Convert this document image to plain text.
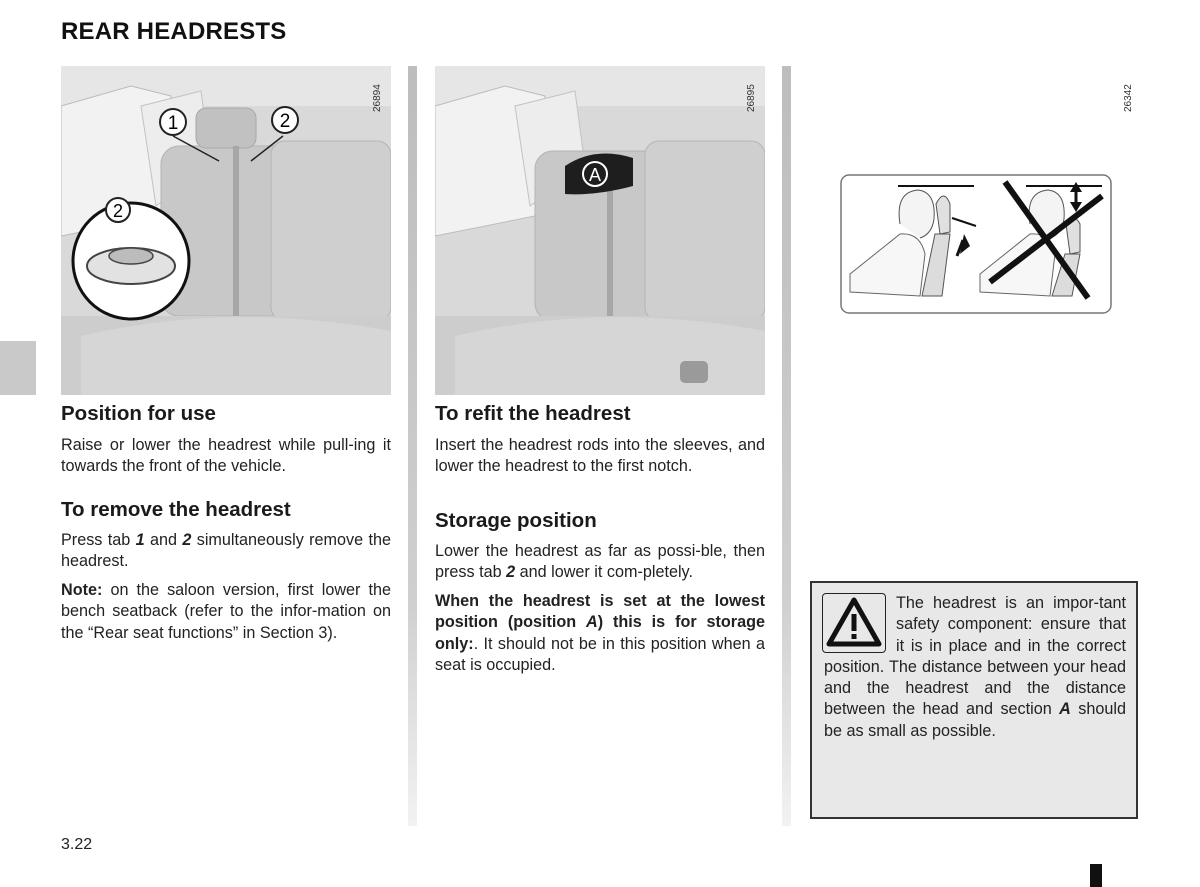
REAR HEADRESTS
1	2
2
26894
A
26895	26342
Position for use

Raise or lower the headrest while pull-ing it towards the front of the vehicle.

To remove the headrest

Press tab 1 and 2 simultaneously remove the headrest.

Note: on the saloon version, first lower the bench seatback (refer to the infor-mation on the “Rear seat functions” in Section 3).

To refit the headrest

Insert the headrest rods into the sleeves, and lower the headrest to the first notch.

Storage position

Lower the headrest as far as possi-ble, then press tab 2 and lower it com-pletely.

When the headrest is set at the lowest position (position A) this is for storage only:. It should not be in this position when a seat is occupied.

The headrest is an impor-tant safety component: ensure that it is in place and in the correct position. The distance between your head and the headrest and the distance between the head and section A should be as small as possible.
3.22
